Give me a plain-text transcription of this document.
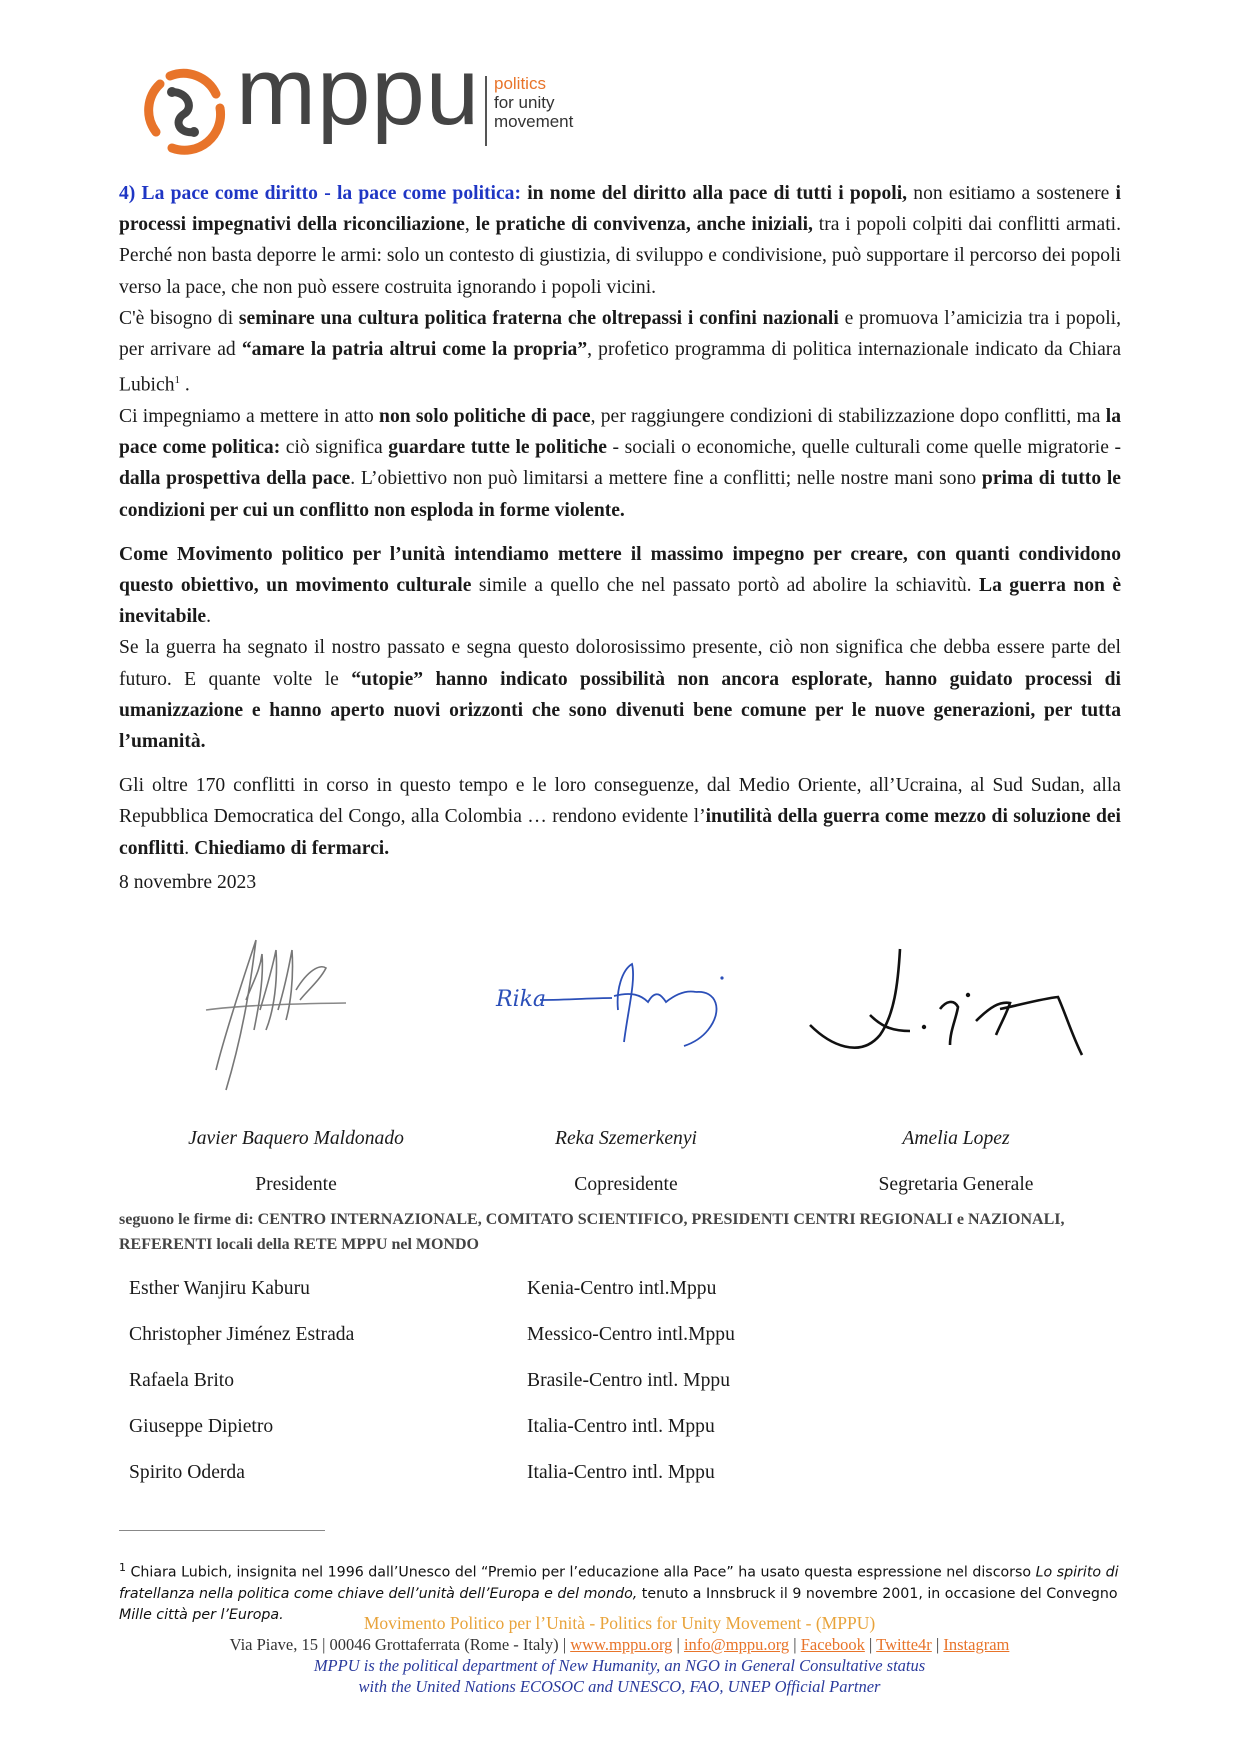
mppu politics
for unity
movement

4) La pace come diritto - la pace come politica: in nome del diritto alla pace di tutti i popoli, non esitiamo a sostenere i processi impegnativi della riconciliazione, le pratiche di convivenza, anche iniziali, tra i popoli colpiti dai conflitti armati. Perché non basta deporre le armi: solo un contesto di giustizia, di sviluppo e condivisione, può supportare il percorso dei popoli verso la pace, che non può essere costruita ignorando i popoli vicini.

C'è bisogno di seminare una cultura politica fraterna che oltrepassi i confini nazionali e promuova l’amicizia tra i popoli, per arrivare ad “amare la patria altrui come la propria”, profetico programma di politica internazionale indicato da Chiara Lubich$^1$ .

Ci impegniamo a mettere in atto non solo politiche di pace, per raggiungere condizioni di stabilizzazione dopo conflitti, ma la pace come politica: ciò significa guardare tutte le politiche - sociali o economiche, quelle culturali come quelle migratorie - dalla prospettiva della pace. L’obiettivo non può limitarsi a mettere fine a conflitti; nelle nostre mani sono prima di tutto le condizioni per cui un conflitto non esploda in forme violente.

Come Movimento politico per l’unità intendiamo mettere il massimo impegno per creare, con quanti condividono questo obiettivo, un movimento culturale simile a quello che nel passato portò ad abolire la schiavitù. La guerra non è inevitabile.

Se la guerra ha segnato il nostro passato e segna questo dolorosissimo presente, ciò non significa che debba essere parte del futuro. E quante volte le “utopie” hanno indicato possibilità non ancora esplorate, hanno guidato processi di umanizzazione e hanno aperto nuovi orizzonti che sono divenuti bene comune per le nuove generazioni, per tutta l’umanità.

Gli oltre 170 conflitti in corso in questo tempo e le loro conseguenze, dal Medio Oriente, all’Ucraina, al Sud Sudan, alla Repubblica Democratica del Congo, alla Colombia … rendono evidente l’inutilità della guerra come mezzo di soluzione dei conflitti. Chiediamo di fermarci.

8 novembre 2023
Rika
Javier Baquero Maldonado	Reka Szemerkenyi	Amelia Lopez
Presidente	Copresidente	Segretaria Generale
seguono le firme di: CENTRO INTERNAZIONALE, COMITATO SCIENTIFICO, PRESIDENTI CENTRI REGIONALI e NAZIONALI, REFERENTI locali della RETE MPPU nel MONDO
Esther Wanjiru Kaburu	Kenia-Centro intl.Mppu
Christopher Jiménez Estrada	Messico-Centro intl.Mppu
Rafaela Brito	Brasile-Centro intl. Mppu
Giuseppe Dipietro	Italia-Centro intl. Mppu
Spirito Oderda	Italia-Centro intl. Mppu
$^1$ Chiara Lubich, insignita nel 1996 dall’Unesco del “Premio per l’educazione alla Pace” ha usato questa espressione nel discorso Lo spirito di fratellanza nella politica come chiave dell’unità dell’Europa e del mondo, tenuto a Innsbruck il 9 novembre 2001, in occasione del Convegno Mille città per l’Europa.	Movimento Politico per l’Unità - Politics for Unity Movement - (MPPU)
Via Piave, 15 | 00046 Grottaferrata (Rome - Italy) | www.mppu.org | info@mppu.org | Facebook | Twitte4r | Instagram
MPPU is the political department of New Humanity, an NGO in General Consultative status
with the United Nations ECOSOC and UNESCO, FAO, UNEP Official Partner
